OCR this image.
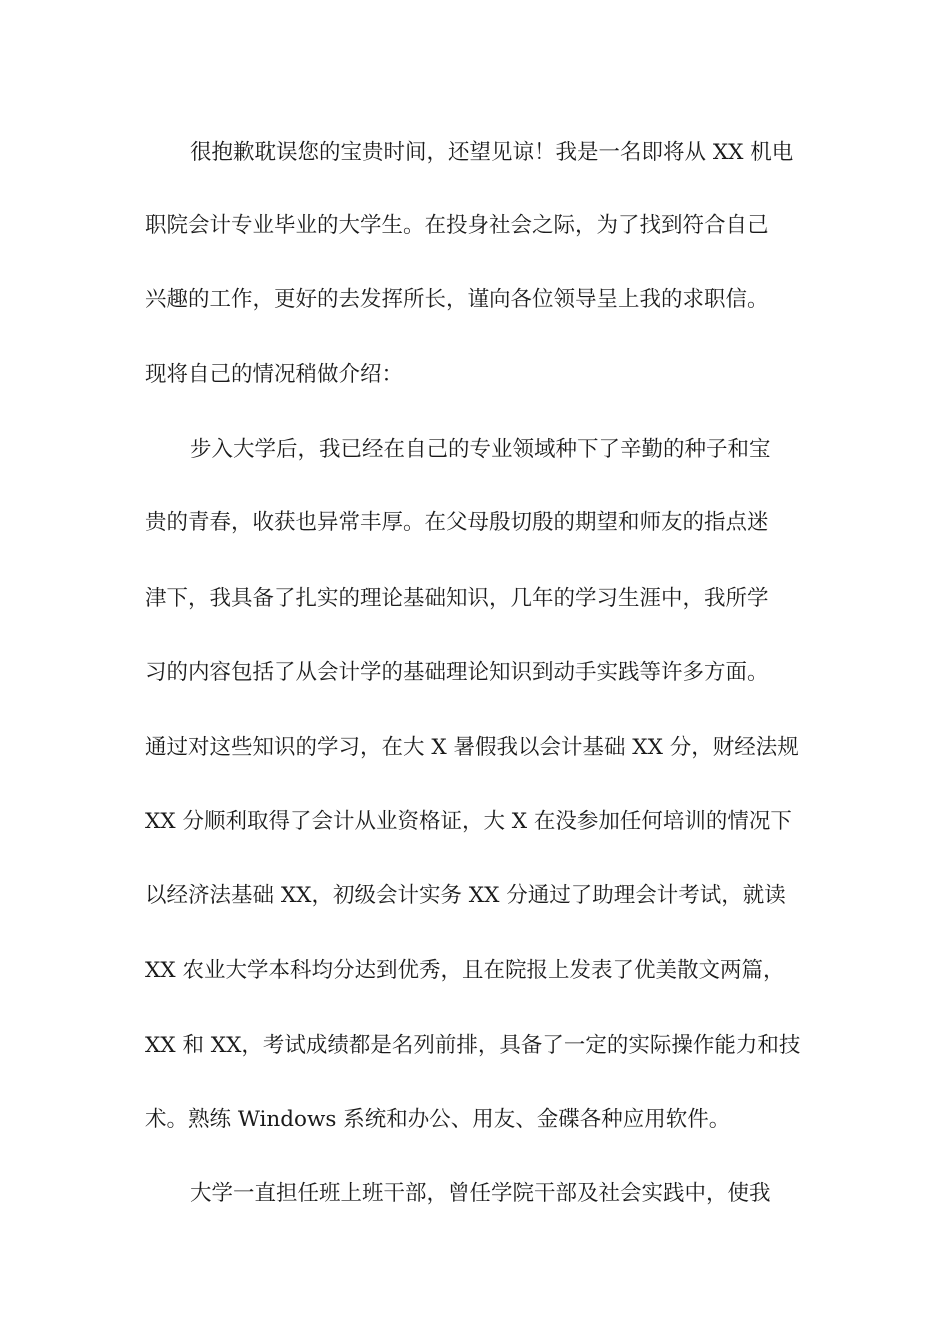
很抱歉耽误您的宝贵时间，还望见谅！我是一名即将从 XX 机电
职院会计专业毕业的大学生。在投身社会之际，为了找到符合自己
兴趣的工作，更好的去发挥所长，谨向各位领导呈上我的求职信。
现将自己的情况稍做介绍：
步入大学后，我已经在自己的专业领域种下了辛勤的种子和宝
贵的青春，收获也异常丰厚。在父母殷切殷的期望和师友的指点迷
津下，我具备了扎实的理论基础知识，几年的学习生涯中，我所学
习的内容包括了从会计学的基础理论知识到动手实践等许多方面。
通过对这些知识的学习，在大 X 暑假我以会计基础 XX 分，财经法规
XX 分顺利取得了会计从业资格证，大 X 在没参加任何培训的情况下
以经济法基础 XX，初级会计实务 XX 分通过了助理会计考试，就读
XX 农业大学本科均分达到优秀，且在院报上发表了优美散文两篇，
XX 和 XX，考试成绩都是名列前排，具备了一定的实际操作能力和技
术。熟练 Windows 系统和办公、用友、金碟各种应用软件。
大学一直担任班上班干部，曾任学院干部及社会实践中，使我
